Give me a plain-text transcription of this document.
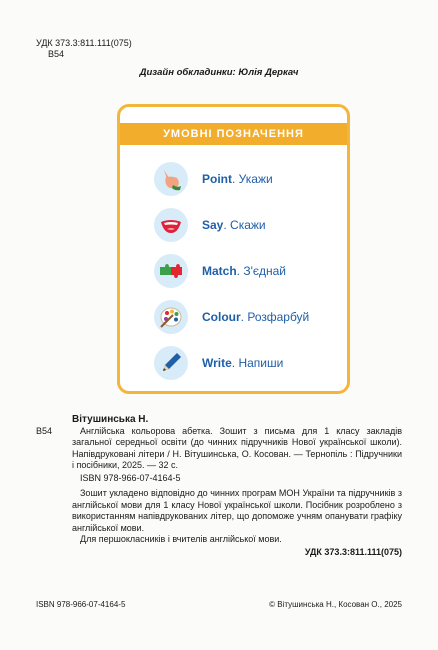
УДК 373.3:811.111(075)
В54
Дизайн обкладинки: Юлія Деркач
УМОВНІ ПОЗНАЧЕННЯ
Point. Укажи
Say. Скажи
Match. З'єднай
Colour. Розфарбуй
Write. Напиши
Вітушинська Н.
В54	Англійська кольорова абетка. Зошит з письма для 1 класу закладів загальної середньої освіти (до чинних підручників Нової української школи). Напівдруковані літери / Н. Вітушинська, О. Косован. — Тернопіль : Підручники і посібники, 2025. — 32 с.
ISBN 978-966-07-4164-5
Зошит укладено відповідно до чинних програм МОН України та підручників з англійської мови для 1 класу Нової української школи. Посібник розроблено з використанням напівдрукованих літер, що допоможе учням опанувати графіку англійської мови.
Для першокласників і вчителів англійської мови.
УДК 373.3:811.111(075)
ISBN 978-966-07-4164-5	© Вітушинська Н., Косован О., 2025
